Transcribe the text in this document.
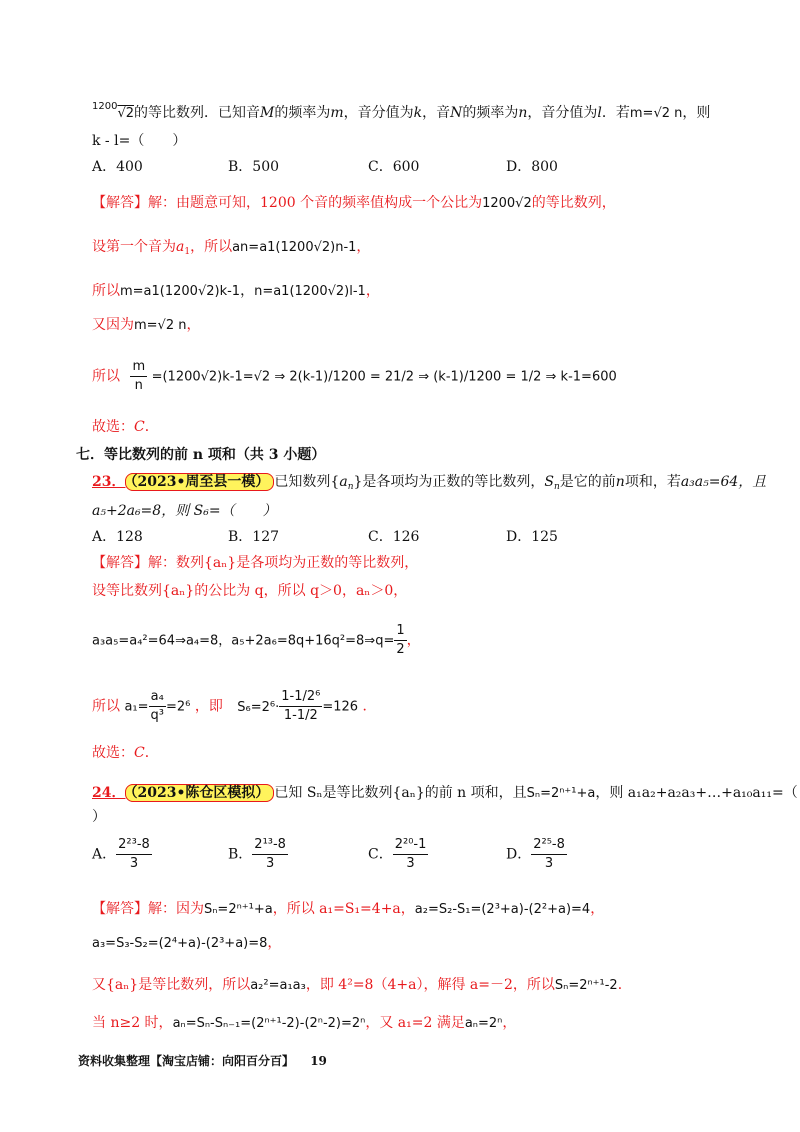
$^{1200}$√2的等比数列．已知音M的频率为m，音分值为k，音N的频率为n，音分值为l．若m=√2 n，则
k - l=（　　）
A．400	B．500	C．600	D．800
【解答】解：由题意可知，1200 个音的频率值构成一个公比为1200√2的等比数列，
设第一个音为$a_1$，所以an=a1(1200√2)n-1，
所以m=a1(1200√2)k-1，n=a1(1200√2)l-1，
又因为m=√2 n，
所以 $\frac{m}{n} =(1200√2)k-1=√2$ ⇒ 2(k-1)/1200 = 21/2 ⇒ (k-1)/1200 = 1/2 ⇒ k-1=600
故选：C．
七．等比数列的前 n 项和（共 3 小题）
23． （2023•周至县一模） 已知数列$\{a_n\}$是各项均为正数的等比数列，$S_n$是它的前n项和，若a₃a₅=64，且
a₅+2a₆=8，则 S₆=（　　）
A．128	B．127	C．126	D．125
【解答】解：数列{aₙ}是各项均为正数的等比数列，
设等比数列{aₙ}的公比为 q，所以 q＞0，aₙ＞0，
a₃a₅=a₄²=64⇒a₄=8，a₅+2a₆=8q+16q²=8⇒q= $\frac{1}{2}$ ，
所以 $a_1= \frac{\text{a₄}}{\text{q³}} =2^6$ ，即 $S_6=2^6\cdot \frac{\text{1-1/2⁶}}{1-1/2} =126$ ．
故选：C．
24． （2023•陈仓区模拟） 已知 Sₙ是等比数列{aₙ}的前 n 项和，且Sₙ=2ⁿ⁺¹+a，则 a₁a₂+a₂a₃+…+a₁₀a₁₁=（
）
A． $\frac{\text{2²³-8}}{3}$	B． $\frac{\text{2¹³-8}}{3}$	C． $\frac{\text{2²⁰-1}}{3}$	D． $\frac{\text{2²⁵-8}}{3}$
【解答】解：因为Sₙ=2ⁿ⁺¹+a，所以 a₁=S₁=4+a，a₂=S₂-S₁=(2³+a)-(2²+a)=4，
a₃=S₃-S₂=(2⁴+a)-(2³+a)=8，
又{aₙ}是等比数列，所以a₂²=a₁a₃，即 4²=8（4+a），解得 a=－2，所以Sₙ=2ⁿ⁺¹-2．
当 n≥2 时，aₙ=Sₙ-Sₙ₋₁=(2ⁿ⁺¹-2)-(2ⁿ-2)=2ⁿ，又 a₁=2 满足aₙ=2ⁿ，
资料收集整理【淘宝店铺：向阳百分百】 19
